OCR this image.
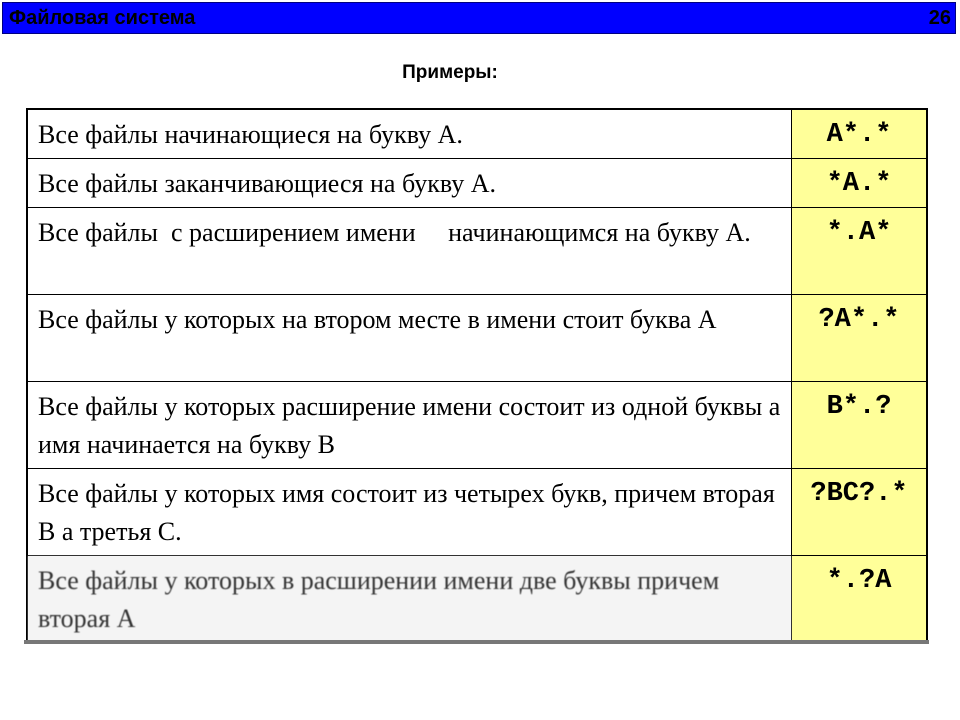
Файловая система	26
Примеры:
Все файлы начинающиеся на букву А.	A*.*
Все файлы заканчивающиеся на букву А.	*A.*
Все файлы  с расширением имени     начинающимся на букву А.	*.A*
Все файлы у которых на втором месте в имени стоит буква А	?A*.*
Все файлы у которых расширение имени состоит из одной буквы а имя начинается на букву В	B*.?
Все файлы у которых имя состоит из четырех букв, причем вторая В а третья С.	?BC?.*
Все файлы у которых в расширении имени две буквы причем вторая А	*.?A
